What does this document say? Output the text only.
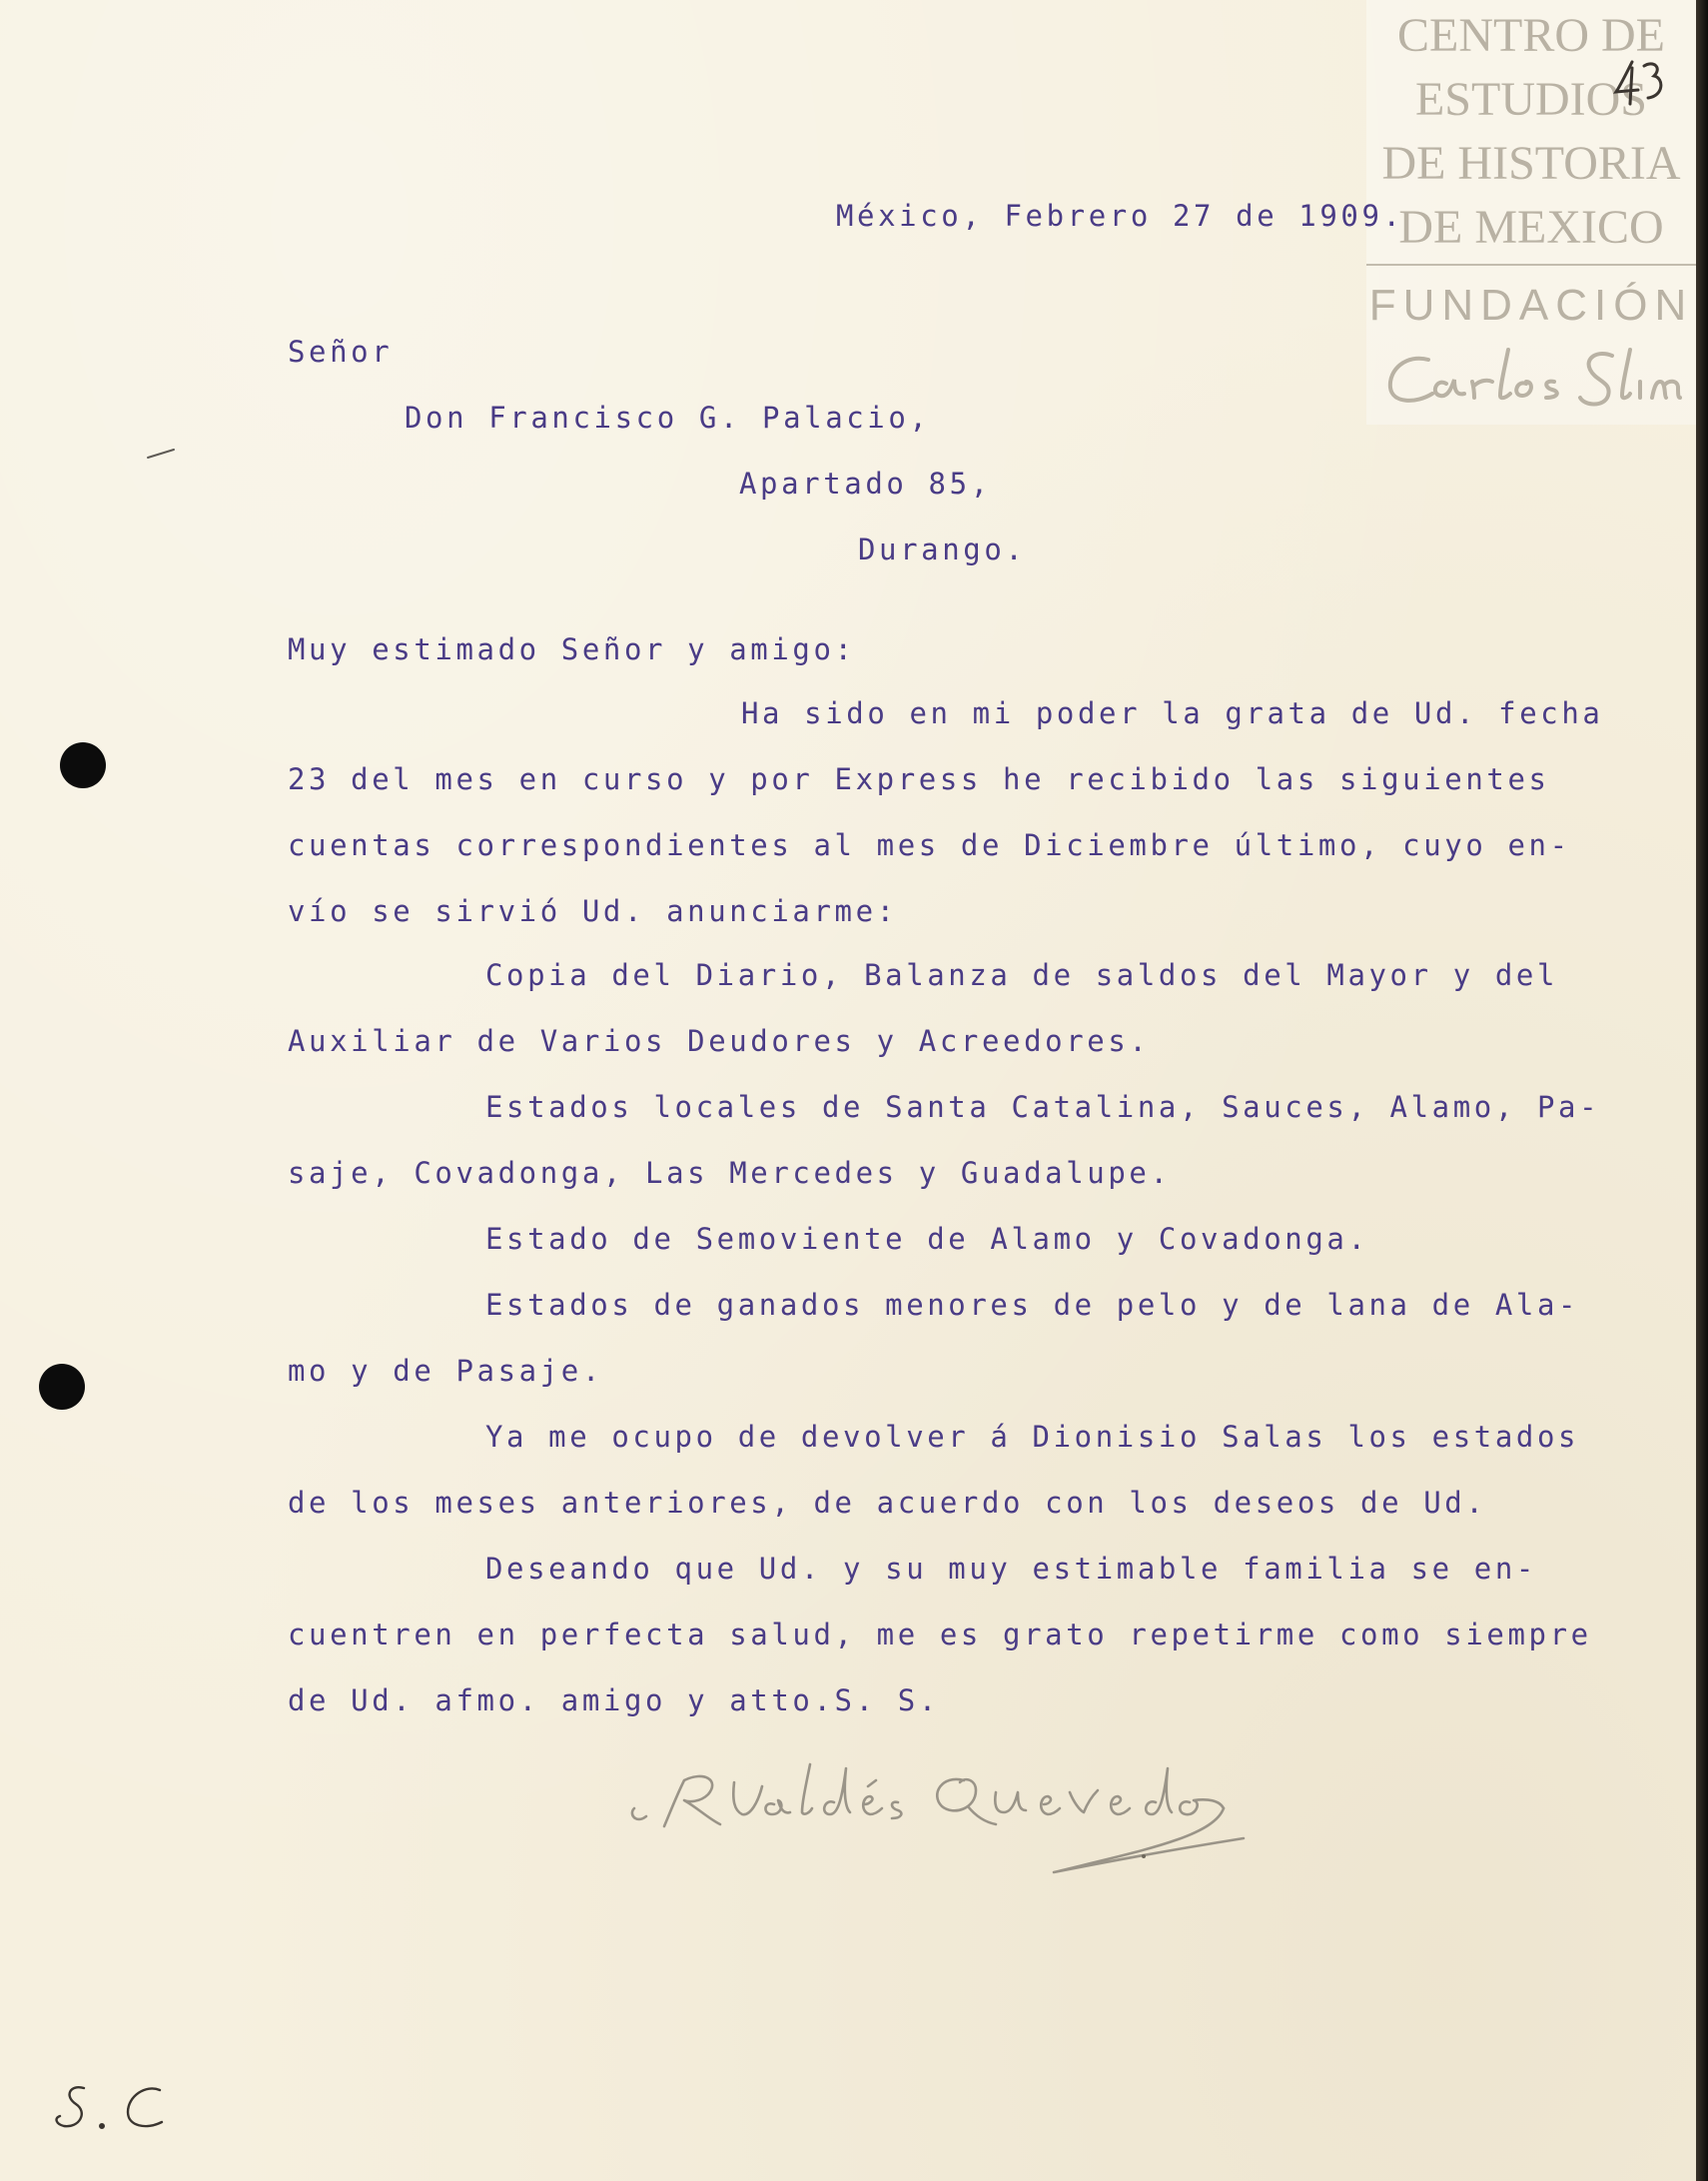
CENTRO DE
ESTUDIOS
DE HISTORIA
DE MEXICO
FUNDACIÓN
México, Febrero 27 de 1909.
Señor
Don Francisco G. Palacio,
Apartado 85,
Durango.
Muy estimado Señor y amigo:
Ha sido en mi poder la grata de Ud. fecha
23 del mes en curso y por Express he recibido las siguientes
cuentas correspondientes al mes de Diciembre último, cuyo en-
vío se sirvió Ud. anunciarme:
Copia del Diario, Balanza de saldos del Mayor y del
Auxiliar de Varios Deudores y Acreedores.
Estados locales de Santa Catalina, Sauces, Alamo, Pa-
saje, Covadonga, Las Mercedes y Guadalupe.
Estado de Semoviente de Alamo y Covadonga.
Estados de ganados menores de pelo y de lana de Ala-
mo y de Pasaje.
Ya me ocupo de devolver á Dionisio Salas los estados
de los meses anteriores, de acuerdo con los deseos de Ud.
Deseando que Ud. y su muy estimable familia se en-
cuentren en perfecta salud, me es grato repetirme como siempre
de Ud. afmo. amigo y atto.S. S.
